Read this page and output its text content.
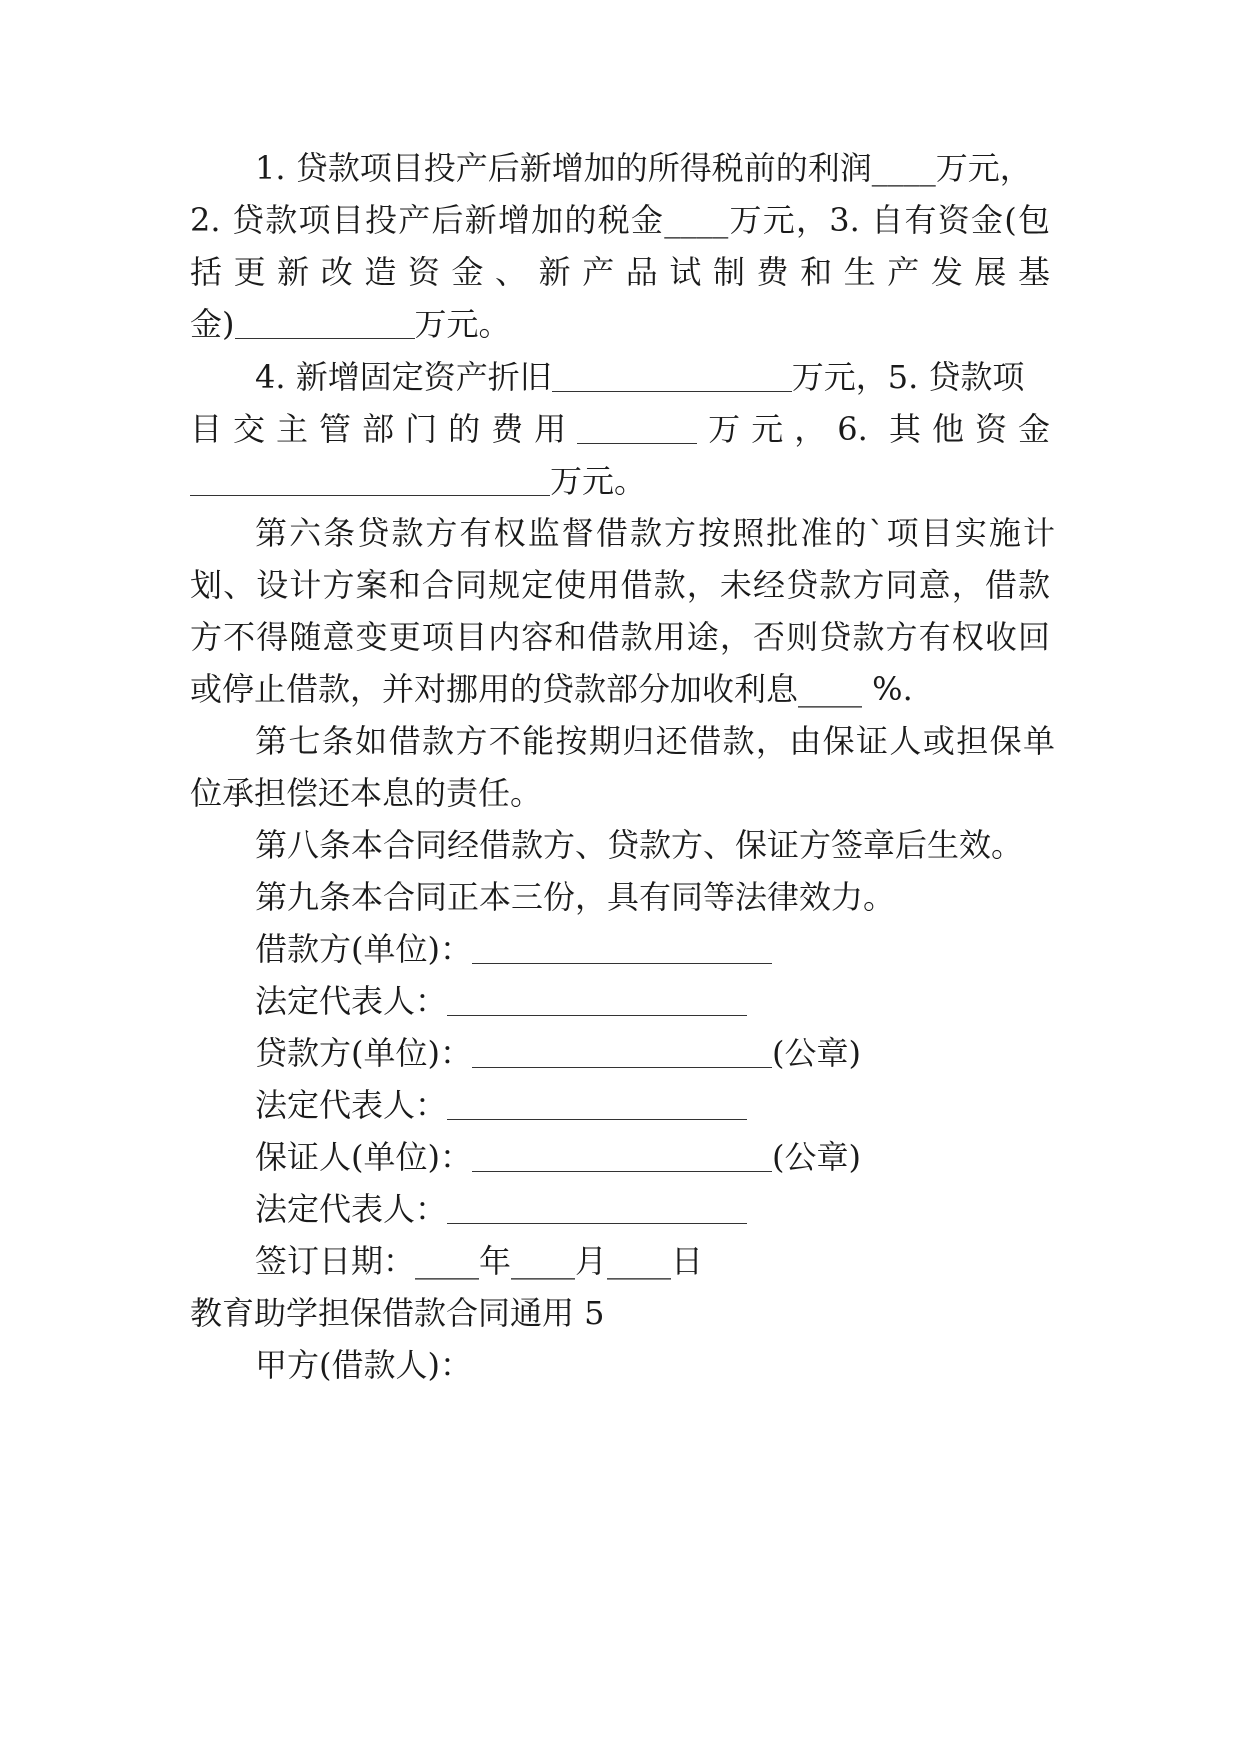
1. 贷款项目投产后新增加的所得税前的利润____万元，
2. 贷款项目投产后新增加的税金____万元，3. 自有资金(包
括更新改造资金、新产品试制费和生产发展基
金)	万元。
4. 新增固定资产折旧	万元，5. 贷款项
目交主管部门的费用	万元，6. 其他资金
万元。
第六条贷款方有权监督借款方按照批准的`项目实施计
划、设计方案和合同规定使用借款，未经贷款方同意，借款
方不得随意变更项目内容和借款用途，否则贷款方有权收回
或停止借款，并对挪用的贷款部分加收利息____ %.
第七条如借款方不能按期归还借款，由保证人或担保单
位承担偿还本息的责任。
第八条本合同经借款方、贷款方、保证方签章后生效。
第九条本合同正本三份，具有同等法律效力。
借款方(单位)：
法定代表人：
贷款方(单位)：	(公章)
法定代表人：
保证人(单位)：	(公章)
法定代表人：
签订日期：____年____月____日
教育助学担保借款合同通用 5
甲方(借款人)：
